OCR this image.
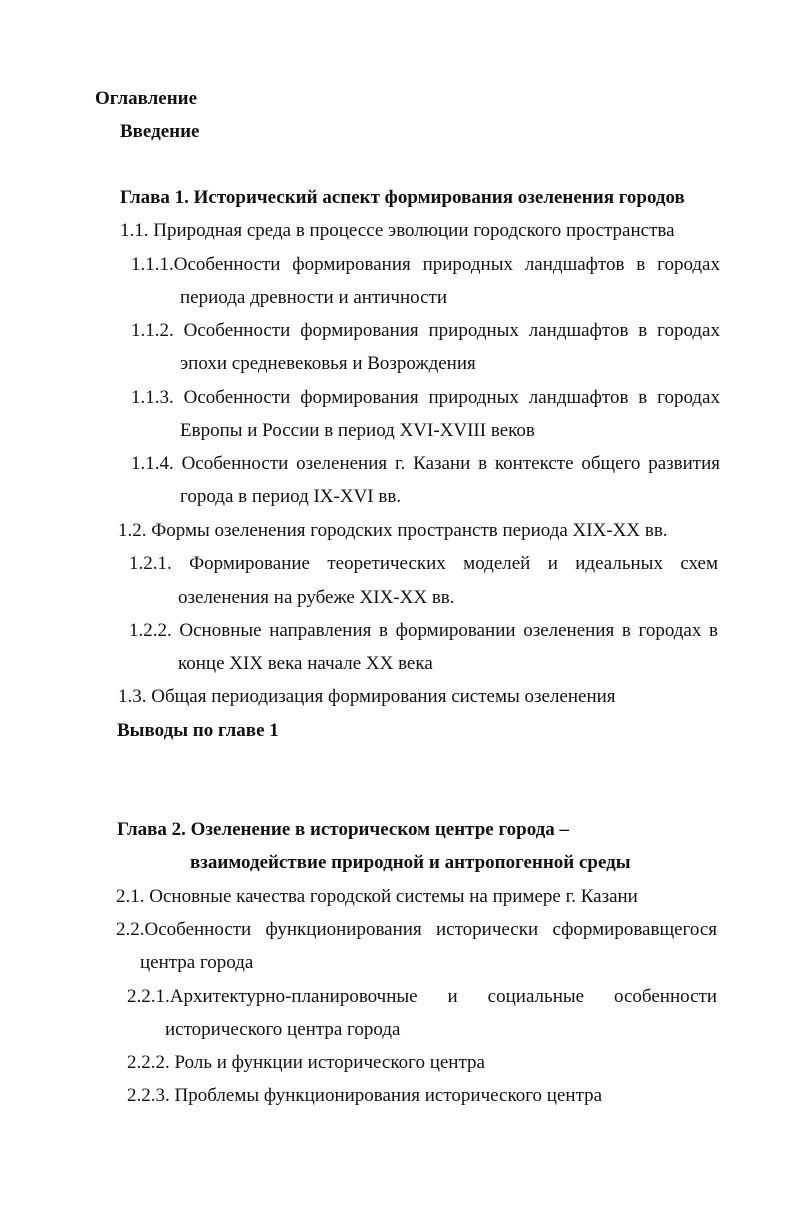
Оглавление
Введение
Глава 1. Исторический аспект формирования озеленения городов
1.1. Природная среда в процессе эволюции городского пространства
1.1.1.Особенности формирования природных ландшафтов в городах
периода древности и античности
1.1.2. Особенности формирования природных ландшафтов в городах
эпохи средневековья и Возрождения
1.1.3. Особенности формирования природных ландшафтов в городах
Европы и России в период XVI-XVIII веков
1.1.4. Особенности озеленения г. Казани в контексте общего развития
города в период IX-XVI вв.
1.2. Формы озеленения городских пространств периода XIX-XX вв.
1.2.1. Формирование теоретических моделей и идеальных схем
озеленения на рубеже XIX-XX вв.
1.2.2. Основные направления в формировании озеленения в городах в
конце XIX века начале XX века
1.3. Общая периодизация формирования системы озеленения
Выводы по главе 1
Глава 2. Озеленение в историческом центре города –
взаимодействие природной и антропогенной среды
2.1. Основные качества городской системы на примере г. Казани
2.2.Особенности функционирования исторически сформировавщегося
центра города
2.2.1.Архитектурно-планировочные и социальные особенности
исторического центра города
2.2.2. Роль и функции исторического центра
2.2.3. Проблемы функционирования исторического центра
